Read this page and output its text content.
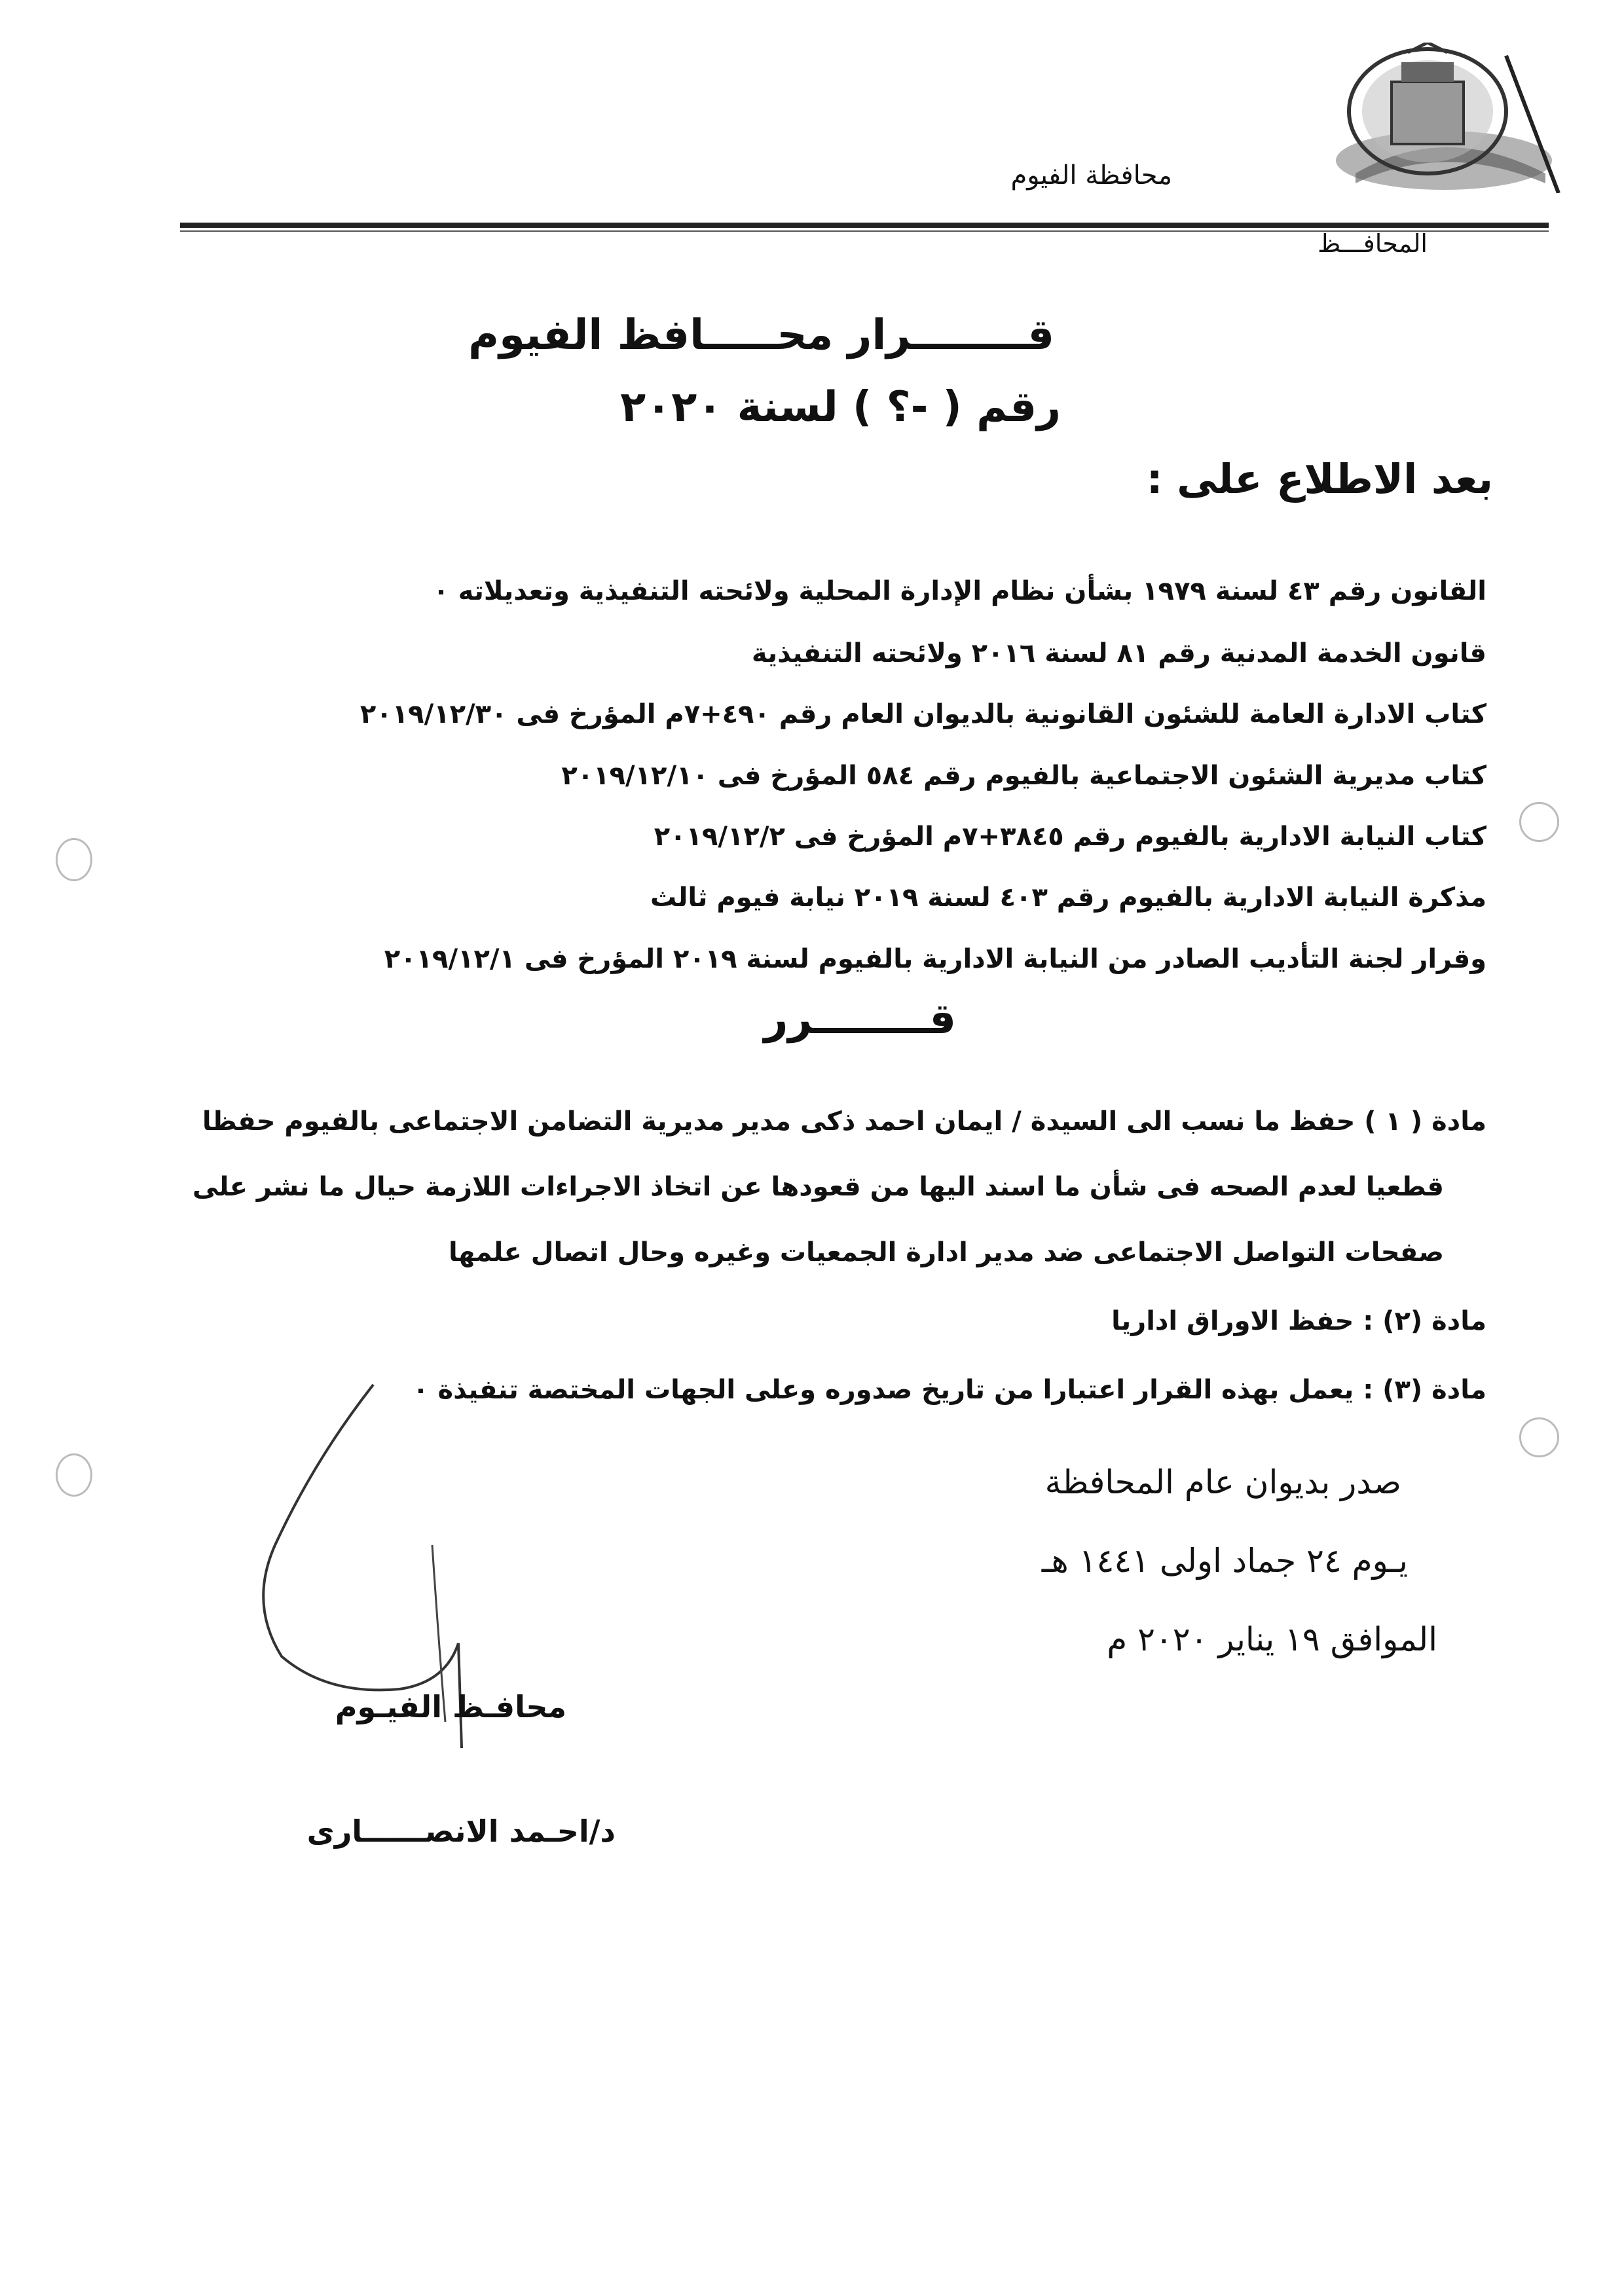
محافظة الفيوم
المحافـــظ
قــــــــرار محـــــافظ الفيوم
رقم ( -؟ ) لسنة ٢٠٢٠
بعد الاطلاع على :
القانون رقم ٤٣ لسنة ١٩٧٩ بشأن نظام الإدارة المحلية ولائحته التنفيذية وتعديلاته ٠
قانون الخدمة المدنية رقم ٨١ لسنة ٢٠١٦ ولائحته التنفيذية
كتاب الادارة العامة للشئون القانونية بالديوان العام رقم ٤٩٠+٧م المؤرخ فى ٢٠١٩/١٢/٣٠
كتاب مديرية الشئون الاجتماعية بالفيوم رقم ٥٨٤ المؤرخ فى ٢٠١٩/١٢/١٠
كتاب النيابة الادارية بالفيوم رقم ٣٨٤٥+٧م المؤرخ فى ٢٠١٩/١٢/٢
مذكرة النيابة الادارية بالفيوم رقم ٤٠٣ لسنة ٢٠١٩ نيابة فيوم ثالث
وقرار لجنة التأديب الصادر من النيابة الادارية بالفيوم لسنة ٢٠١٩ المؤرخ فى ٢٠١٩/١٢/١
قــــــــرر
مادة ( ١ ) حفظ ما نسب الى السيدة / ايمان احمد ذكى مدير مديرية التضامن الاجتماعى بالفيوم حفظا
قطعيا لعدم الصحه فى شأن ما اسند اليها من قعودها عن اتخاذ الاجراءات اللازمة حيال ما نشر على
صفحات التواصل الاجتماعى ضد مدير ادارة الجمعيات وغيره وحال اتصال علمها
مادة (٢) : حفظ الاوراق اداريا
مادة (٣) : يعمل بهذه القرار اعتبارا من تاريخ صدوره وعلى الجهات المختصة تنفيذة ٠
صدر بديوان عام المحافظة
يـوم ٢٤ جماد اولى ١٤٤١ هـ
الموافق ١٩ يناير ٢٠٢٠ م
محافـظ الفيـوم
د/احـمد الانصــــــارى
